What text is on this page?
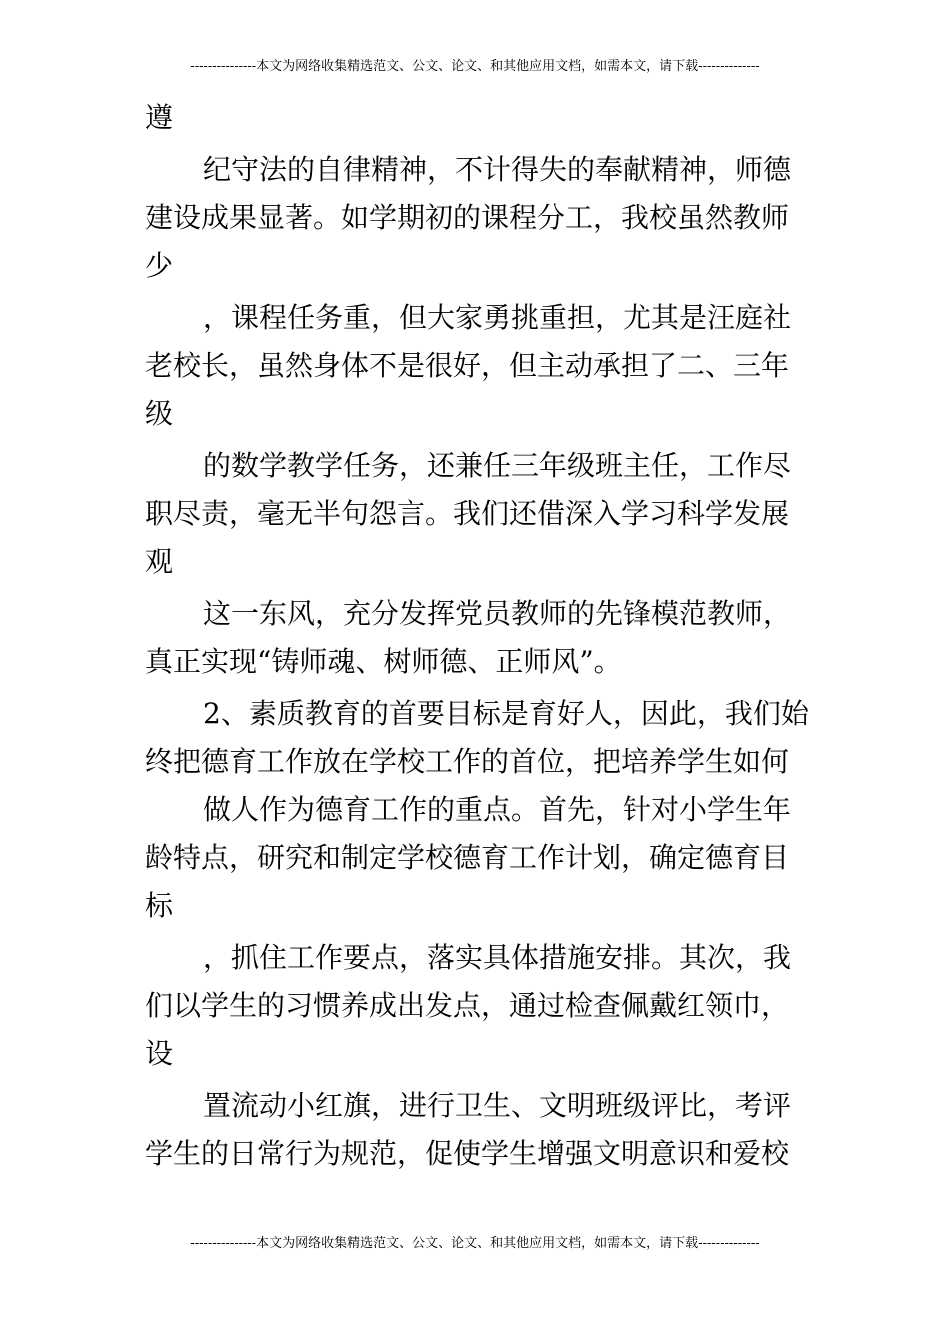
---------------本文为网络收集精选范文、公文、论文、和其他应用文档，如需本文，请下载--------------
遵
纪守法的自律精神，不计得失的奉献精神，师德
建设成果显著。如学期初的课程分工，我校虽然教师
少
，课程任务重，但大家勇挑重担，尤其是汪庭社
老校长，虽然身体不是很好，但主动承担了二、三年
级
的数学教学任务，还兼任三年级班主任，工作尽
职尽责，毫无半句怨言。我们还借深入学习科学发展
观
这一东风，充分发挥党员教师的先锋模范教师，
真正实现“铸师魂、树师德、正师风”。
2、素质教育的首要目标是育好人，因此，我们始
终把德育工作放在学校工作的首位，把培养学生如何
做人作为德育工作的重点。首先，针对小学生年
龄特点，研究和制定学校德育工作计划，确定德育目
标
，抓住工作要点，落实具体措施安排。其次，我
们以学生的习惯养成出发点，通过检查佩戴红领巾，
设
置流动小红旗，进行卫生、文明班级评比，考评
学生的日常行为规范，促使学生增强文明意识和爱校
---------------本文为网络收集精选范文、公文、论文、和其他应用文档，如需本文，请下载--------------
